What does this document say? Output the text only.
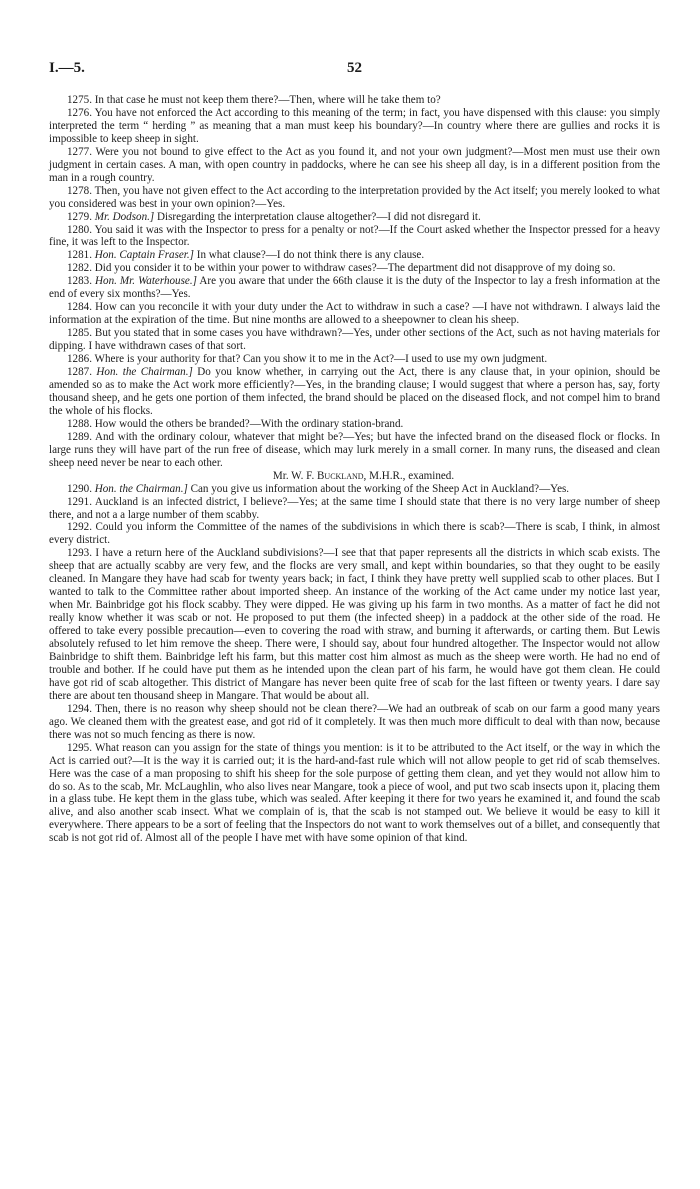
I.—5.	52

1275. In that case he must not keep them there?—Then, where will he take them to?

1276. You have not enforced the Act according to this meaning of the term; in fact, you have dispensed with this clause: you simply interpreted the term “ herding ” as meaning that a man must keep his boundary?—In country where there are gullies and rocks it is impossible to keep sheep in sight.

1277. Were you not bound to give effect to the Act as you found it, and not your own judgment?—Most men must use their own judgment in certain cases. A man, with open country in paddocks, where he can see his sheep all day, is in a different position from the man in a rough country.

1278. Then, you have not given effect to the Act according to the interpretation provided by the Act itself; you merely looked to what you considered was best in your own opinion?—Yes.

1279. Mr. Dodson.] Disregarding the interpretation clause altogether?—I did not disregard it.

1280. You said it was with the Inspector to press for a penalty or not?—If the Court asked whether the Inspector pressed for a heavy fine, it was left to the Inspector.

1281. Hon. Captain Fraser.] In what clause?—I do not think there is any clause.

1282. Did you consider it to be within your power to withdraw cases?—The department did not disapprove of my doing so.

1283. Hon. Mr. Waterhouse.] Are you aware that under the 66th clause it is the duty of the Inspector to lay a fresh information at the end of every six months?—Yes.

1284. How can you reconcile it with your duty under the Act to withdraw in such a case? —I have not withdrawn. I always laid the information at the expiration of the time. But nine months are allowed to a sheepowner to clean his sheep.

1285. But you stated that in some cases you have withdrawn?—Yes, under other sections of the Act, such as not having materials for dipping. I have withdrawn cases of that sort.

1286. Where is your authority for that? Can you show it to me in the Act?—I used to use my own judgment.

1287. Hon. the Chairman.] Do you know whether, in carrying out the Act, there is any clause that, in your opinion, should be amended so as to make the Act work more efficiently?—Yes, in the branding clause; I would suggest that where a person has, say, forty thousand sheep, and he gets one portion of them infected, the brand should be placed on the diseased flock, and not compel him to brand the whole of his flocks.

1288. How would the others be branded?—With the ordinary station-brand.

1289. And with the ordinary colour, whatever that might be?—Yes; but have the infected brand on the diseased flock or flocks. In large runs they will have part of the run free of disease, which may lurk merely in a small corner. In many runs, the diseased and clean sheep need never be near to each other.

Mr. W. F. Buckland, M.H.R., examined.

1290. Hon. the Chairman.] Can you give us information about the working of the Sheep Act in Auckland?—Yes.

1291. Auckland is an infected district, I believe?—Yes; at the same time I should state that there is no very large number of sheep there, and not a a large number of them scabby.

1292. Could you inform the Committee of the names of the subdivisions in which there is scab?—There is scab, I think, in almost every district.

1293. I have a return here of the Auckland subdivisions?—I see that that paper represents all the districts in which scab exists. The sheep that are actually scabby are very few, and the flocks are very small, and kept within boundaries, so that they ought to be easily cleaned. In Mangare they have had scab for twenty years back; in fact, I think they have pretty well supplied scab to other places. But I wanted to talk to the Committee rather about imported sheep. An instance of the working of the Act came under my notice last year, when Mr. Bainbridge got his flock scabby. They were dipped. He was giving up his farm in two months. As a matter of fact he did not really know whether it was scab or not. He proposed to put them (the infected sheep) in a paddock at the other side of the road. He offered to take every possible precaution—even to covering the road with straw, and burning it afterwards, or carting them. But Lewis absolutely refused to let him remove the sheep. There were, I should say, about four hundred altogether. The Inspector would not allow Bainbridge to shift them. Bainbridge left his farm, but this matter cost him almost as much as the sheep were worth. He had no end of trouble and bother. If he could have put them as he intended upon the clean part of his farm, he would have got them clean. He could have got rid of scab altogether. This district of Mangare has never been quite free of scab for the last fifteen or twenty years. I dare say there are about ten thousand sheep in Mangare. That would be about all.

1294. Then, there is no reason why sheep should not be clean there?—We had an outbreak of scab on our farm a good many years ago. We cleaned them with the greatest ease, and got rid of it completely. It was then much more difficult to deal with than now, because there was not so much fencing as there is now.

1295. What reason can you assign for the state of things you mention: is it to be attributed to the Act itself, or the way in which the Act is carried out?—It is the way it is carried out; it is the hard-and-fast rule which will not allow people to get rid of scab themselves. Here was the case of a man proposing to shift his sheep for the sole purpose of getting them clean, and yet they would not allow him to do so. As to the scab, Mr. McLaughlin, who also lives near Mangare, took a piece of wool, and put two scab insects upon it, placing them in a glass tube. He kept them in the glass tube, which was sealed. After keeping it there for two years he examined it, and found the scab alive, and also another scab insect. What we complain of is, that the scab is not stamped out. We believe it would be easy to kill it everywhere. There appears to be a sort of feeling that the Inspectors do not want to work themselves out of a billet, and consequently that scab is not got rid of. Almost all of the people I have met with have some opinion of that kind.
